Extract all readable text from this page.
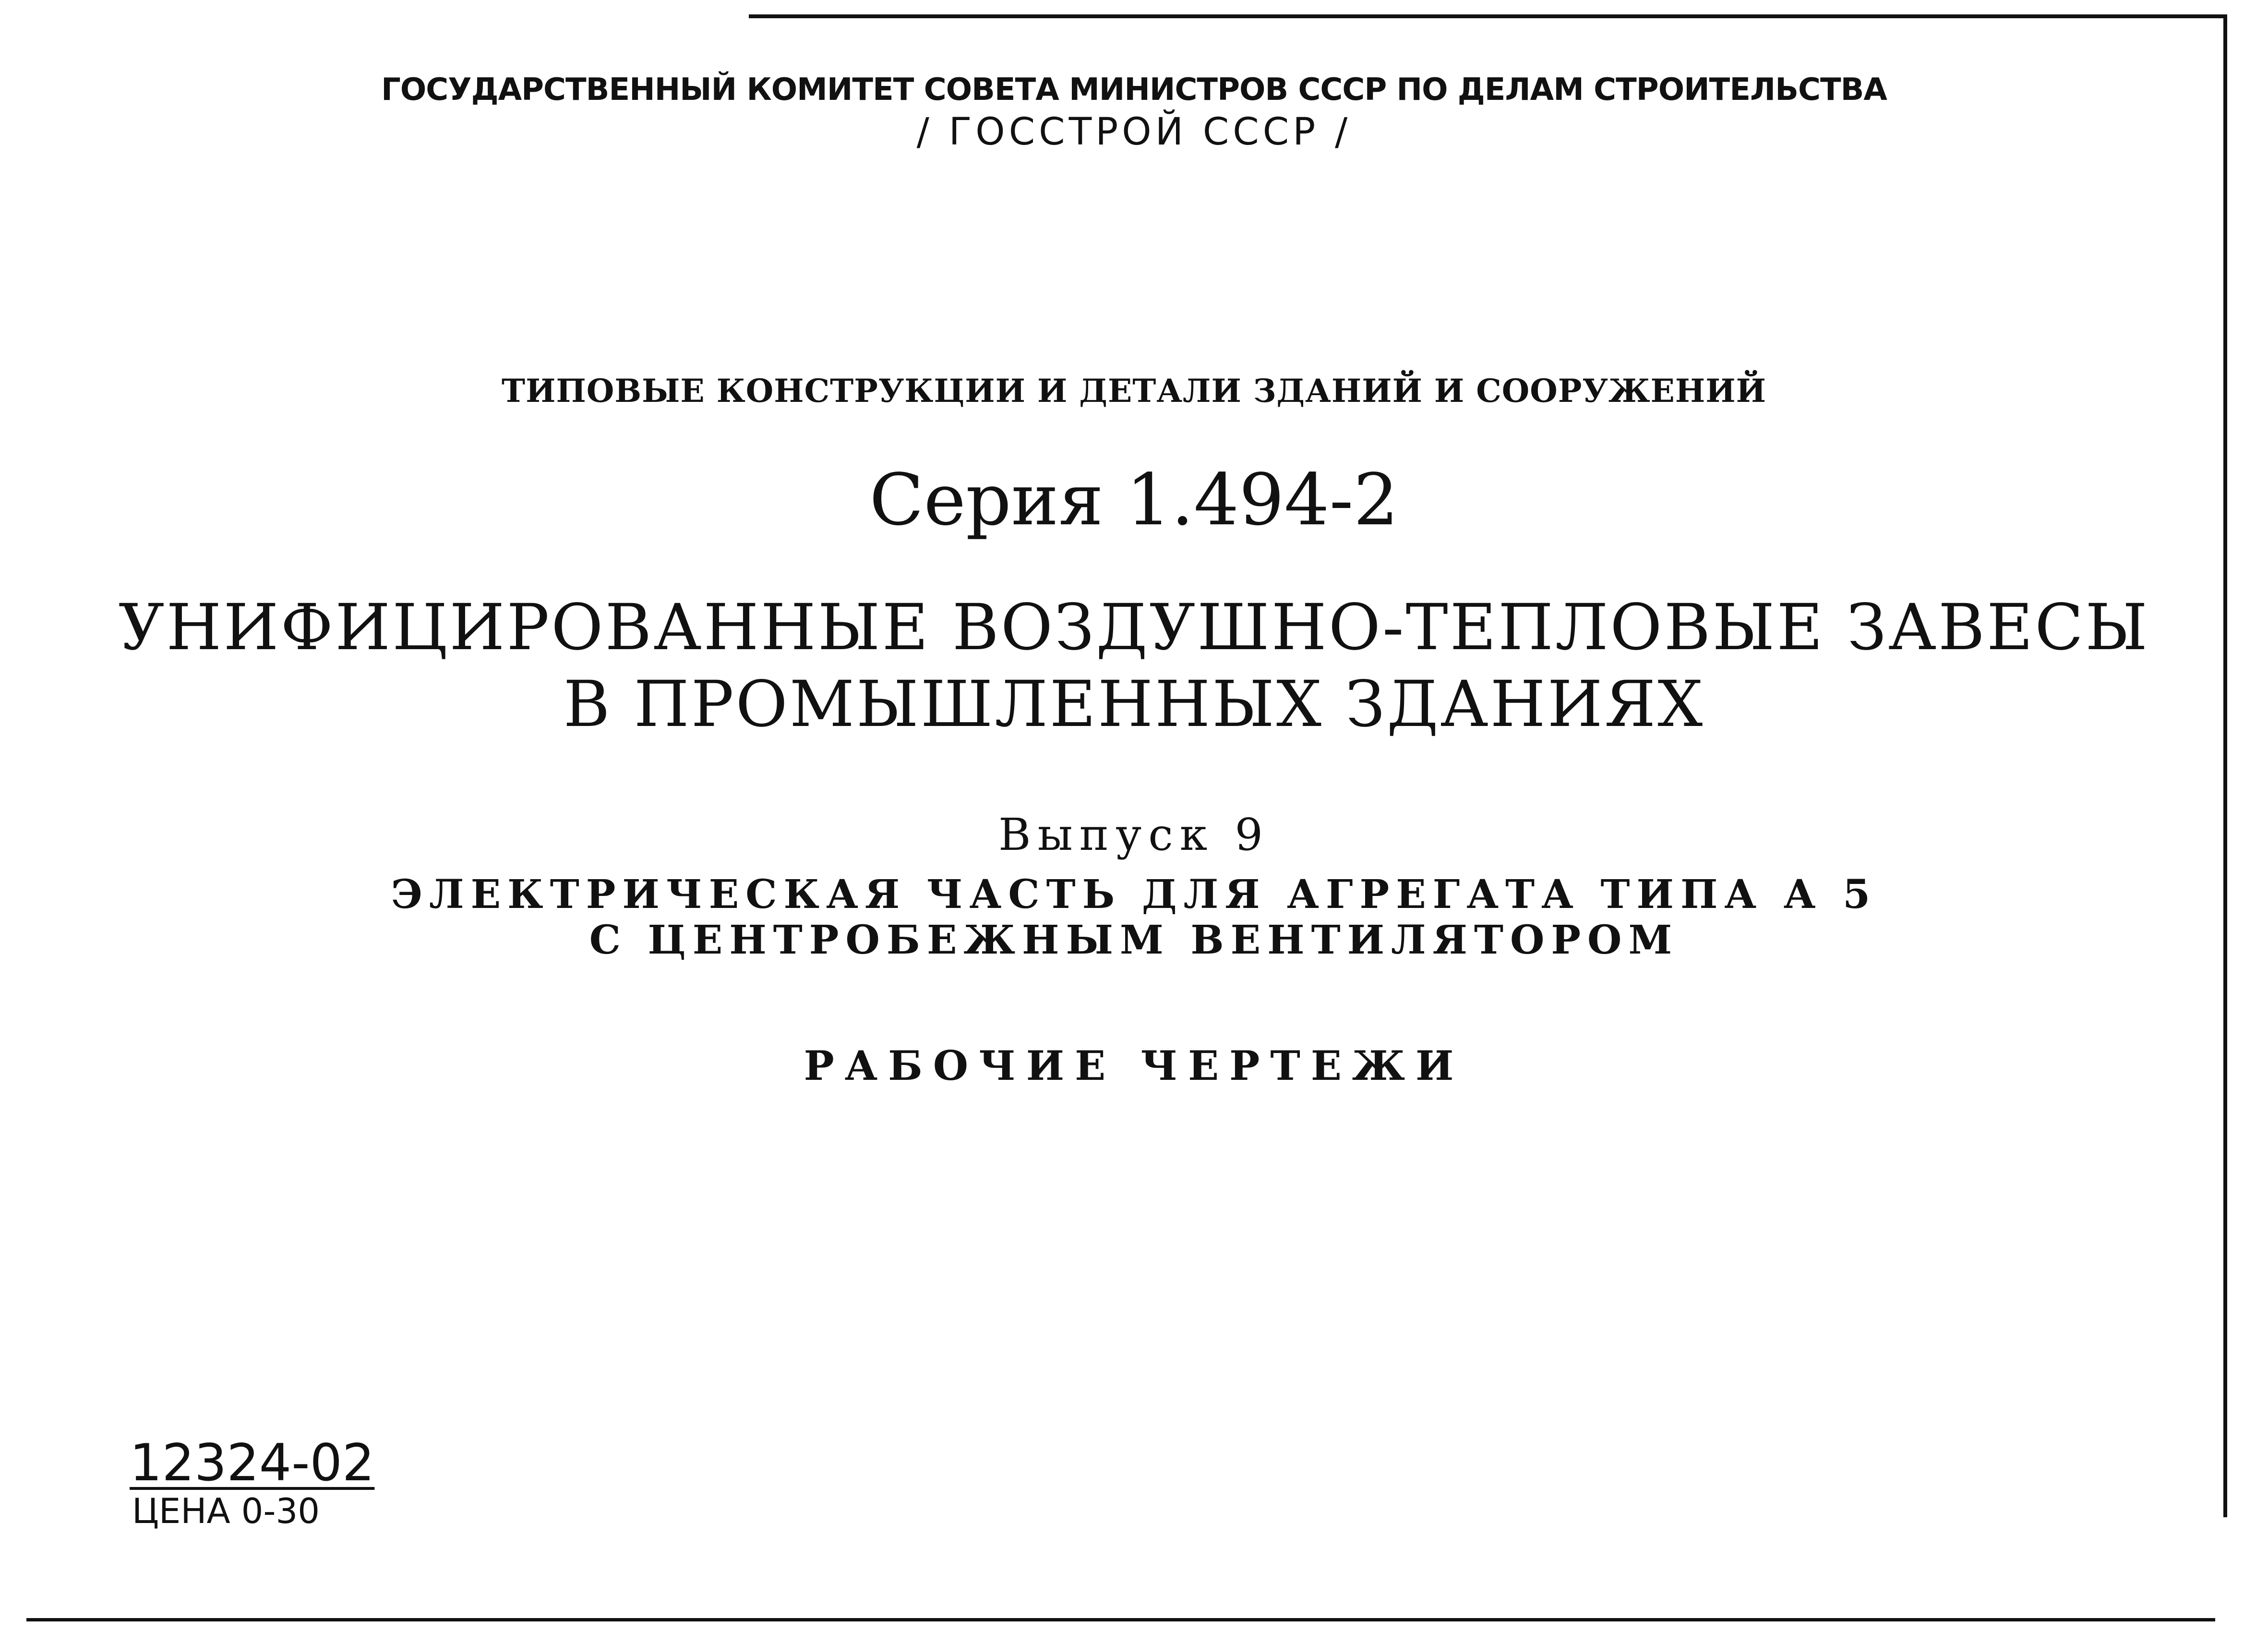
ГОСУДАРСТВЕННЫЙ КОМИТЕТ СОВЕТА МИНИСТРОВ СССР ПО ДЕЛАМ СТРОИТЕЛЬСТВА
/ ГОССТРОЙ СССР /
ТИПОВЫЕ КОНСТРУКЦИИ И ДЕТАЛИ ЗДАНИЙ И СООРУЖЕНИЙ
Серия 1.494-2
УНИФИЦИРОВАННЫЕ ВОЗДУШНО-ТЕПЛОВЫЕ ЗАВЕСЫ
В ПРОМЫШЛЕННЫХ ЗДАНИЯХ
Выпуск 9
ЭЛЕКТРИЧЕСКАЯ ЧАСТЬ ДЛЯ АГРЕГАТА ТИПА А 5
С ЦЕНТРОБЕЖНЫМ ВЕНТИЛЯТОРОМ
РАБОЧИЕ ЧЕРТЕЖИ
12324-02
ЦЕНА 0-30
